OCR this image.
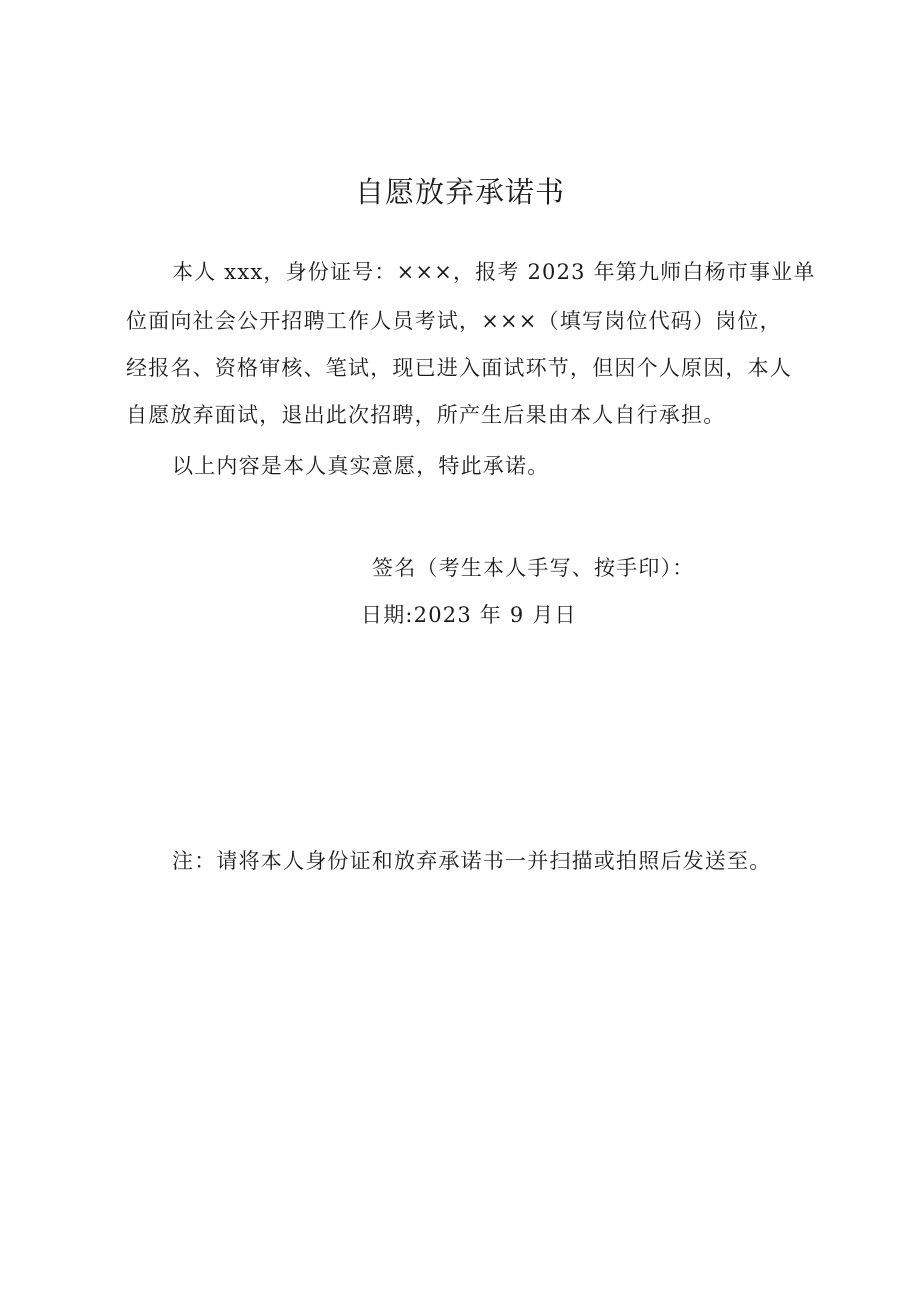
自愿放弃承诺书

本人 xxx，身份证号：×××，报考 2023 年第九师白杨市事业单

位面向社会公开招聘工作人员考试，×××（填写岗位代码）岗位，

经报名、资格审核、笔试，现已进入面试环节，但因个人原因，本人

自愿放弃面试，退出此次招聘，所产生后果由本人自行承担。

以上内容是本人真实意愿，特此承诺。

签名（考生本人手写、按手印）：
日期:2023 年 9 月日
注：请将本人身份证和放弃承诺书一并扫描或拍照后发送至。
